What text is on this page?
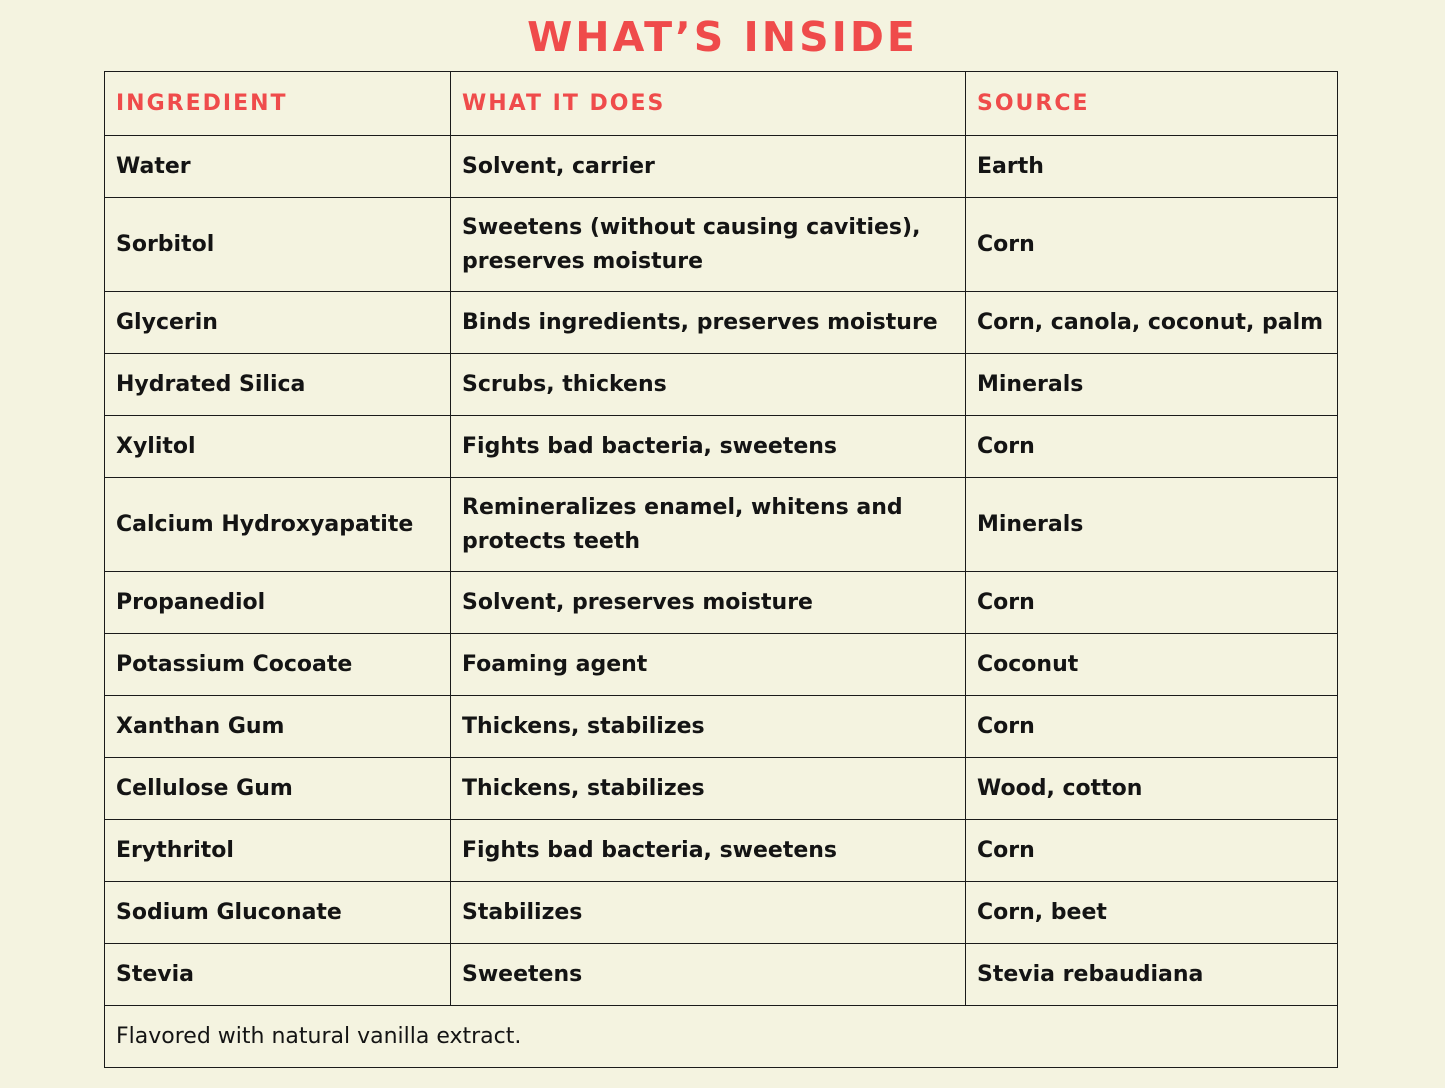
WHAT’S INSIDE
INGREDIENT	WHAT IT DOES	SOURCE
Water	Solvent, carrier	Earth
Sorbitol	Sweetens (without causing cavities), preserves moisture	Corn
Glycerin	Binds ingredients, preserves moisture	Corn, canola, coconut, palm
Hydrated Silica	Scrubs, thickens	Minerals
Xylitol	Fights bad bacteria, sweetens	Corn
Calcium Hydroxyapatite	Remineralizes enamel, whitens and protects teeth	Minerals
Propanediol	Solvent, preserves moisture	Corn
Potassium Cocoate	Foaming agent	Coconut
Xanthan Gum	Thickens, stabilizes	Corn
Cellulose Gum	Thickens, stabilizes	Wood, cotton
Erythritol	Fights bad bacteria, sweetens	Corn
Sodium Gluconate	Stabilizes	Corn, beet
Stevia	Sweetens	Stevia rebaudiana
Flavored with natural vanilla extract.		
